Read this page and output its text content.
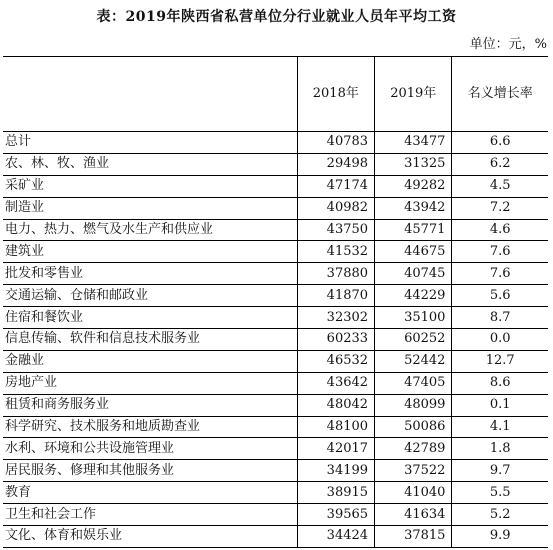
表：2019年陕西省私营单位分行业就业人员年平均工资
单位：元，%
	2018年	2019年	名义增长率
总计	40783	43477	6.6
农、林、牧、渔业	29498	31325	6.2
采矿业	47174	49282	4.5
制造业	40982	43942	7.2
电力、热力、燃气及水生产和供应业	43750	45771	4.6
建筑业	41532	44675	7.6
批发和零售业	37880	40745	7.6
交通运输、仓储和邮政业	41870	44229	5.6
住宿和餐饮业	32302	35100	8.7
信息传输、软件和信息技术服务业	60233	60252	0.0
金融业	46532	52442	12.7
房地产业	43642	47405	8.6
租赁和商务服务业	48042	48099	0.1
科学研究、技术服务和地质勘查业	48100	50086	4.1
水利、环境和公共设施管理业	42017	42789	1.8
居民服务、修理和其他服务业	34199	37522	9.7
教育	38915	41040	5.5
卫生和社会工作	39565	41634	5.2
文化、体育和娱乐业	34424	37815	9.9
